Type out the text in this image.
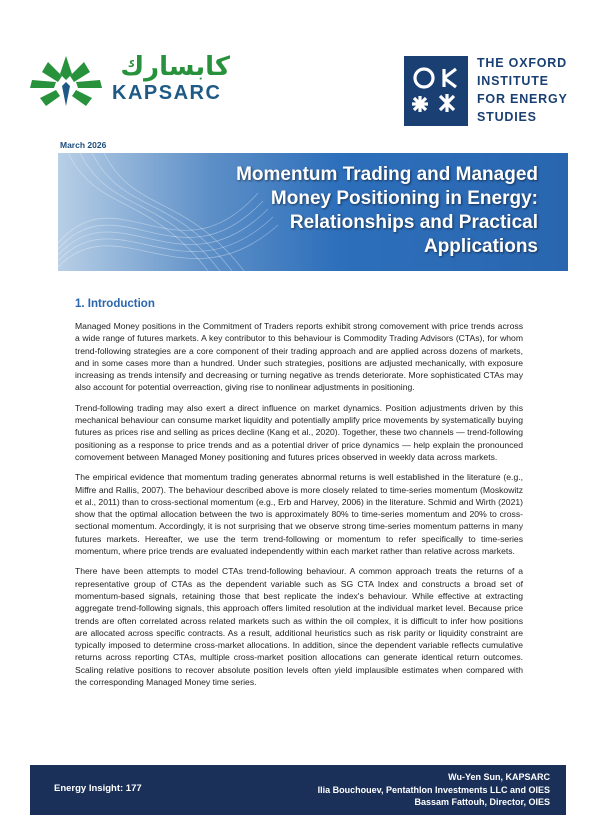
كابسارك
KAPSARC
THE OXFORD
INSTITUTE
FOR ENERGY
STUDIES
March 2026
Momentum Trading and Managed
Money Positioning in Energy:
Relationships and Practical
Applications
1. Introduction

Managed Money positions in the Commitment of Traders reports exhibit strong comovement with price trends across a wide range of futures markets. A key contributor to this behaviour is Commodity Trading Advisors (CTAs), for whom trend-following strategies are a core component of their trading approach and are applied across dozens of markets, and in some cases more than a hundred. Under such strategies, positions are adjusted mechanically, with exposure increasing as trends intensify and decreasing or turning negative as trends deteriorate. More sophisticated CTAs may also account for potential overreaction, giving rise to nonlinear adjustments in positioning.

Trend-following trading may also exert a direct influence on market dynamics. Position adjustments driven by this mechanical behaviour can consume market liquidity and potentially amplify price movements by systematically buying futures as prices rise and selling as prices decline (Kang et al., 2020). Together, these two channels — trend-following positioning as a response to price trends and as a potential driver of price dynamics — help explain the pronounced comovement between Managed Money positioning and futures prices observed in weekly data across markets.

The empirical evidence that momentum trading generates abnormal returns is well established in the literature (e.g., Miffre and Rallis, 2007). The behaviour described above is more closely related to time-series momentum (Moskowitz et al., 2011) than to cross-sectional momentum (e.g., Erb and Harvey, 2006) in the literature. Schmid and Wirth (2021) show that the optimal allocation between the two is approximately 80% to time-series momentum and 20% to cross-sectional momentum. Accordingly, it is not surprising that we observe strong time-series momentum patterns in many futures markets. Hereafter, we use the term trend-following or momentum to refer specifically to time-series momentum, where price trends are evaluated independently within each market rather than relative across markets.

There have been attempts to model CTAs trend-following behaviour. A common approach treats the returns of a representative group of CTAs as the dependent variable such as SG CTA Index and constructs a broad set of momentum-based signals, retaining those that best replicate the index's behaviour. While effective at extracting aggregate trend-following signals, this approach offers limited resolution at the individual market level. Because price trends are often correlated across related markets such as within the oil complex, it is difficult to infer how positions are allocated across specific contracts. As a result, additional heuristics such as risk parity or liquidity constraint are typically imposed to determine cross-market allocations. In addition, since the dependent variable reflects cumulative returns across reporting CTAs, multiple cross-market position allocations can generate identical return outcomes. Scaling relative positions to recover absolute position levels often yield implausible estimates when compared with the corresponding Managed Money time series.

Energy Insight: 177
Wu-Yen Sun, KAPSARC
Ilia Bouchouev, Pentathlon Investments LLC and OIES
Bassam Fattouh, Director, OIES
